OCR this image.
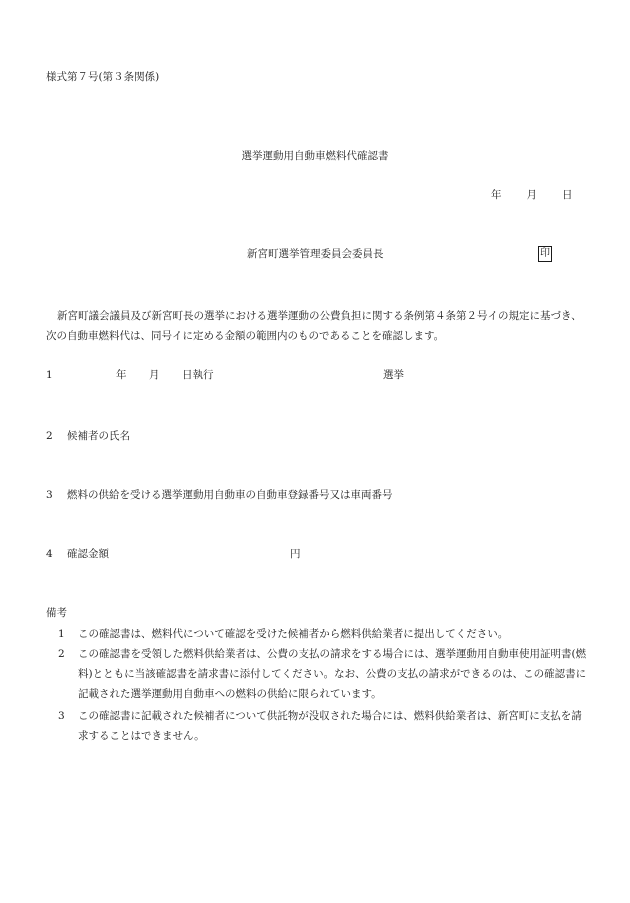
様式第７号(第３条関係)
選挙運動用自動車燃料代確認書
年 月 日
新宮町選挙管理委員会委員長	印
新宮町議会議員及び新宮町長の選挙における選挙運動の公費負担に関する条例第４条第２号イの規定に基づき、次の自動車燃料代は、同号イに定める金額の範囲内のものであることを確認します。
1	年 月 日執行	選挙
2 候補者の氏名
3 燃料の供給を受ける選挙運動用自動車の自動車登録番号又は車両番号
4 確認金額	円
備考
1	この確認書は、燃料代について確認を受けた候補者から燃料供給業者に提出してください。
2	この確認書を受領した燃料供給業者は、公費の支払の請求をする場合には、選挙運動用自動車使用証明書(燃料)とともに当該確認書を請求書に添付してください。なお、公費の支払の請求ができるのは、この確認書に記載された選挙運動用自動車への燃料の供給に限られています。
3	この確認書に記載された候補者について供託物が没収された場合には、燃料供給業者は、新宮町に支払を請求することはできません。
